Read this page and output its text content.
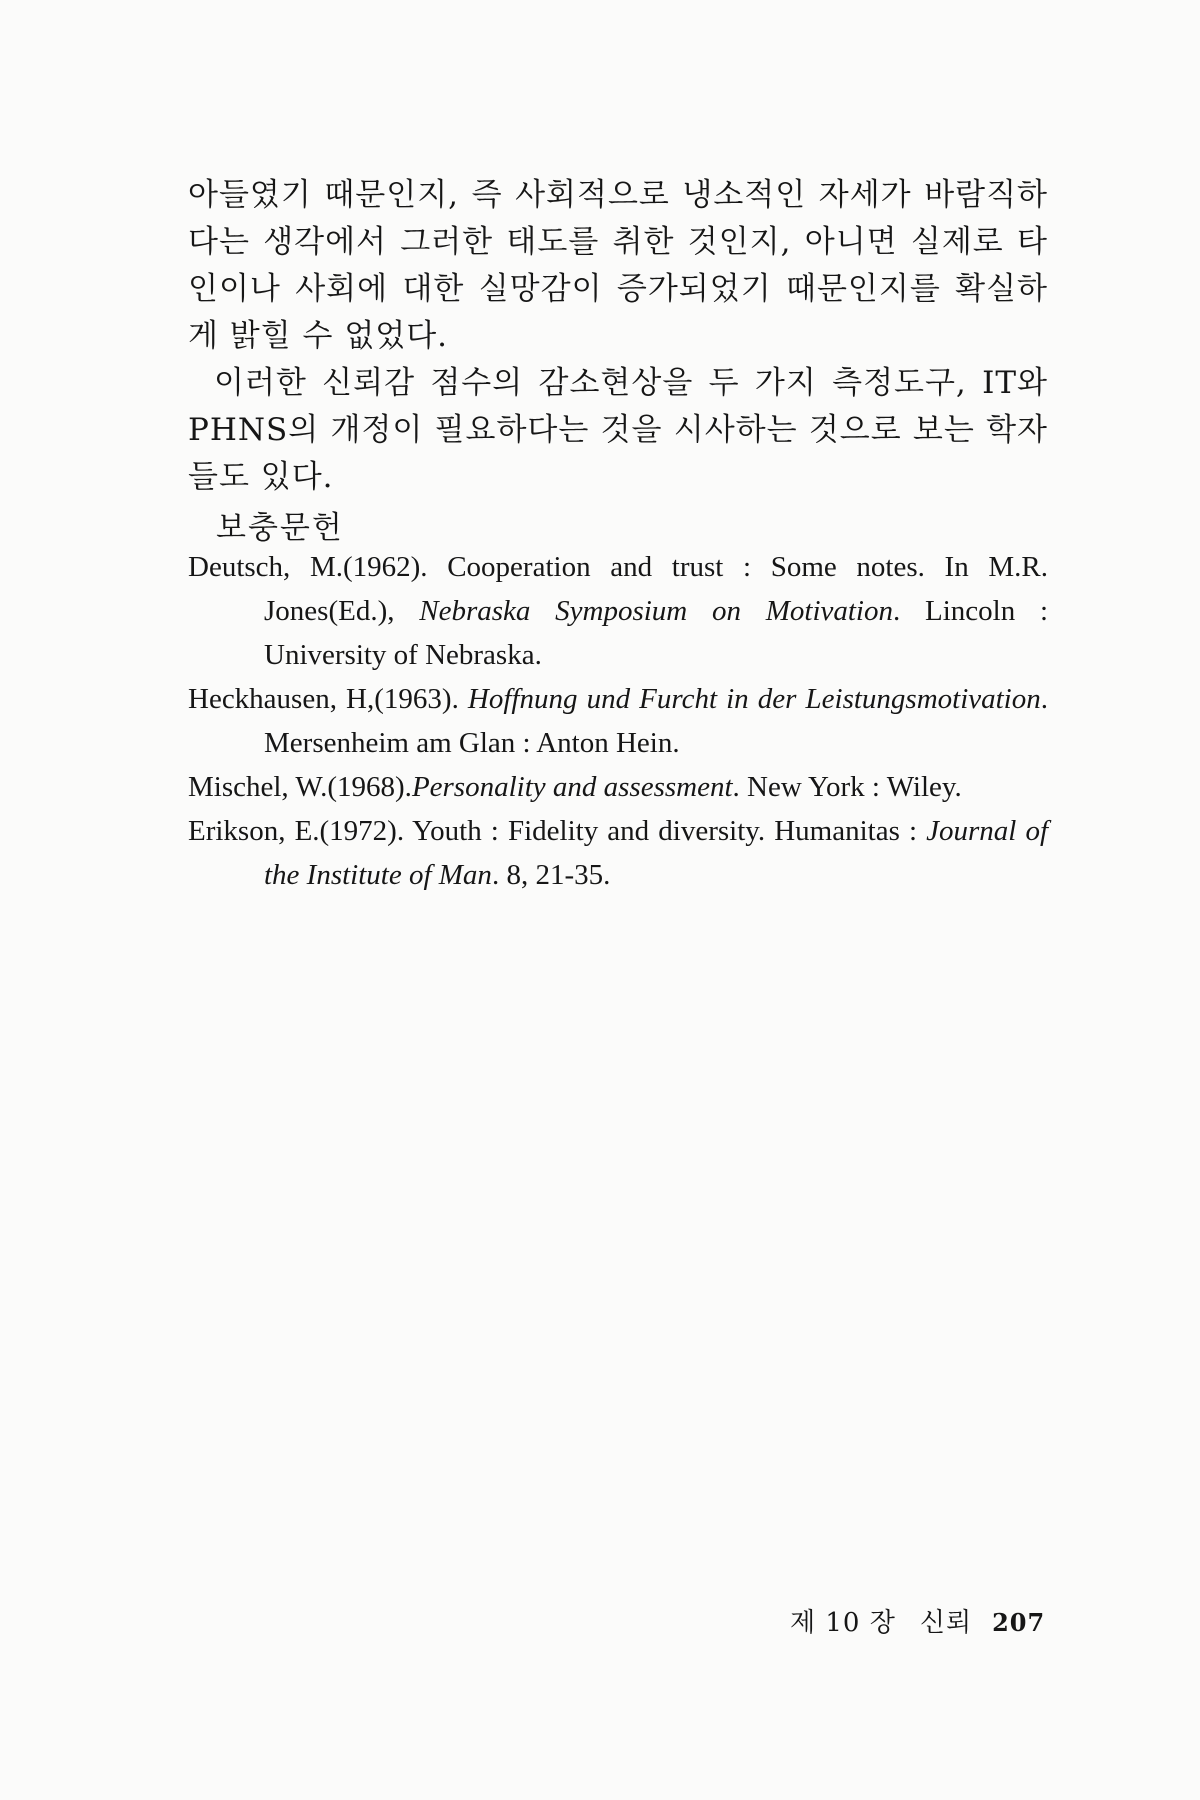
아들였기 때문인지, 즉 사회적으로 냉소적인 자세가 바람직하다는 생각에서 그러한 태도를 취한 것인지, 아니면 실제로 타인이나 사회에 대한 실망감이 증가되었기 때문인지를 확실하게 밝힐 수 없었다.

이러한 신뢰감 점수의 감소현상을 두 가지 측정도구, IT와 PHNS의 개정이 필요하다는 것을 시사하는 것으로 보는 학자들도 있다.

보충문헌

Deutsch, M.(1962). Cooperation and trust : Some notes. In M.R. Jones(Ed.), Nebraska Symposium on Motivation. Lincoln : University of Nebraska.

Heckhausen, H,(1963). Hoffnung und Furcht in der Leistungsmotivation. Mersenheim am Glan : Anton Hein.

Mischel, W.(1968).Personality and assessment. New York : Wiley.

Erikson, E.(1972). Youth : Fidelity and diversity. Humanitas : Journal of the Institute of Man. 8, 21-35.

제 10 장 신뢰 207
